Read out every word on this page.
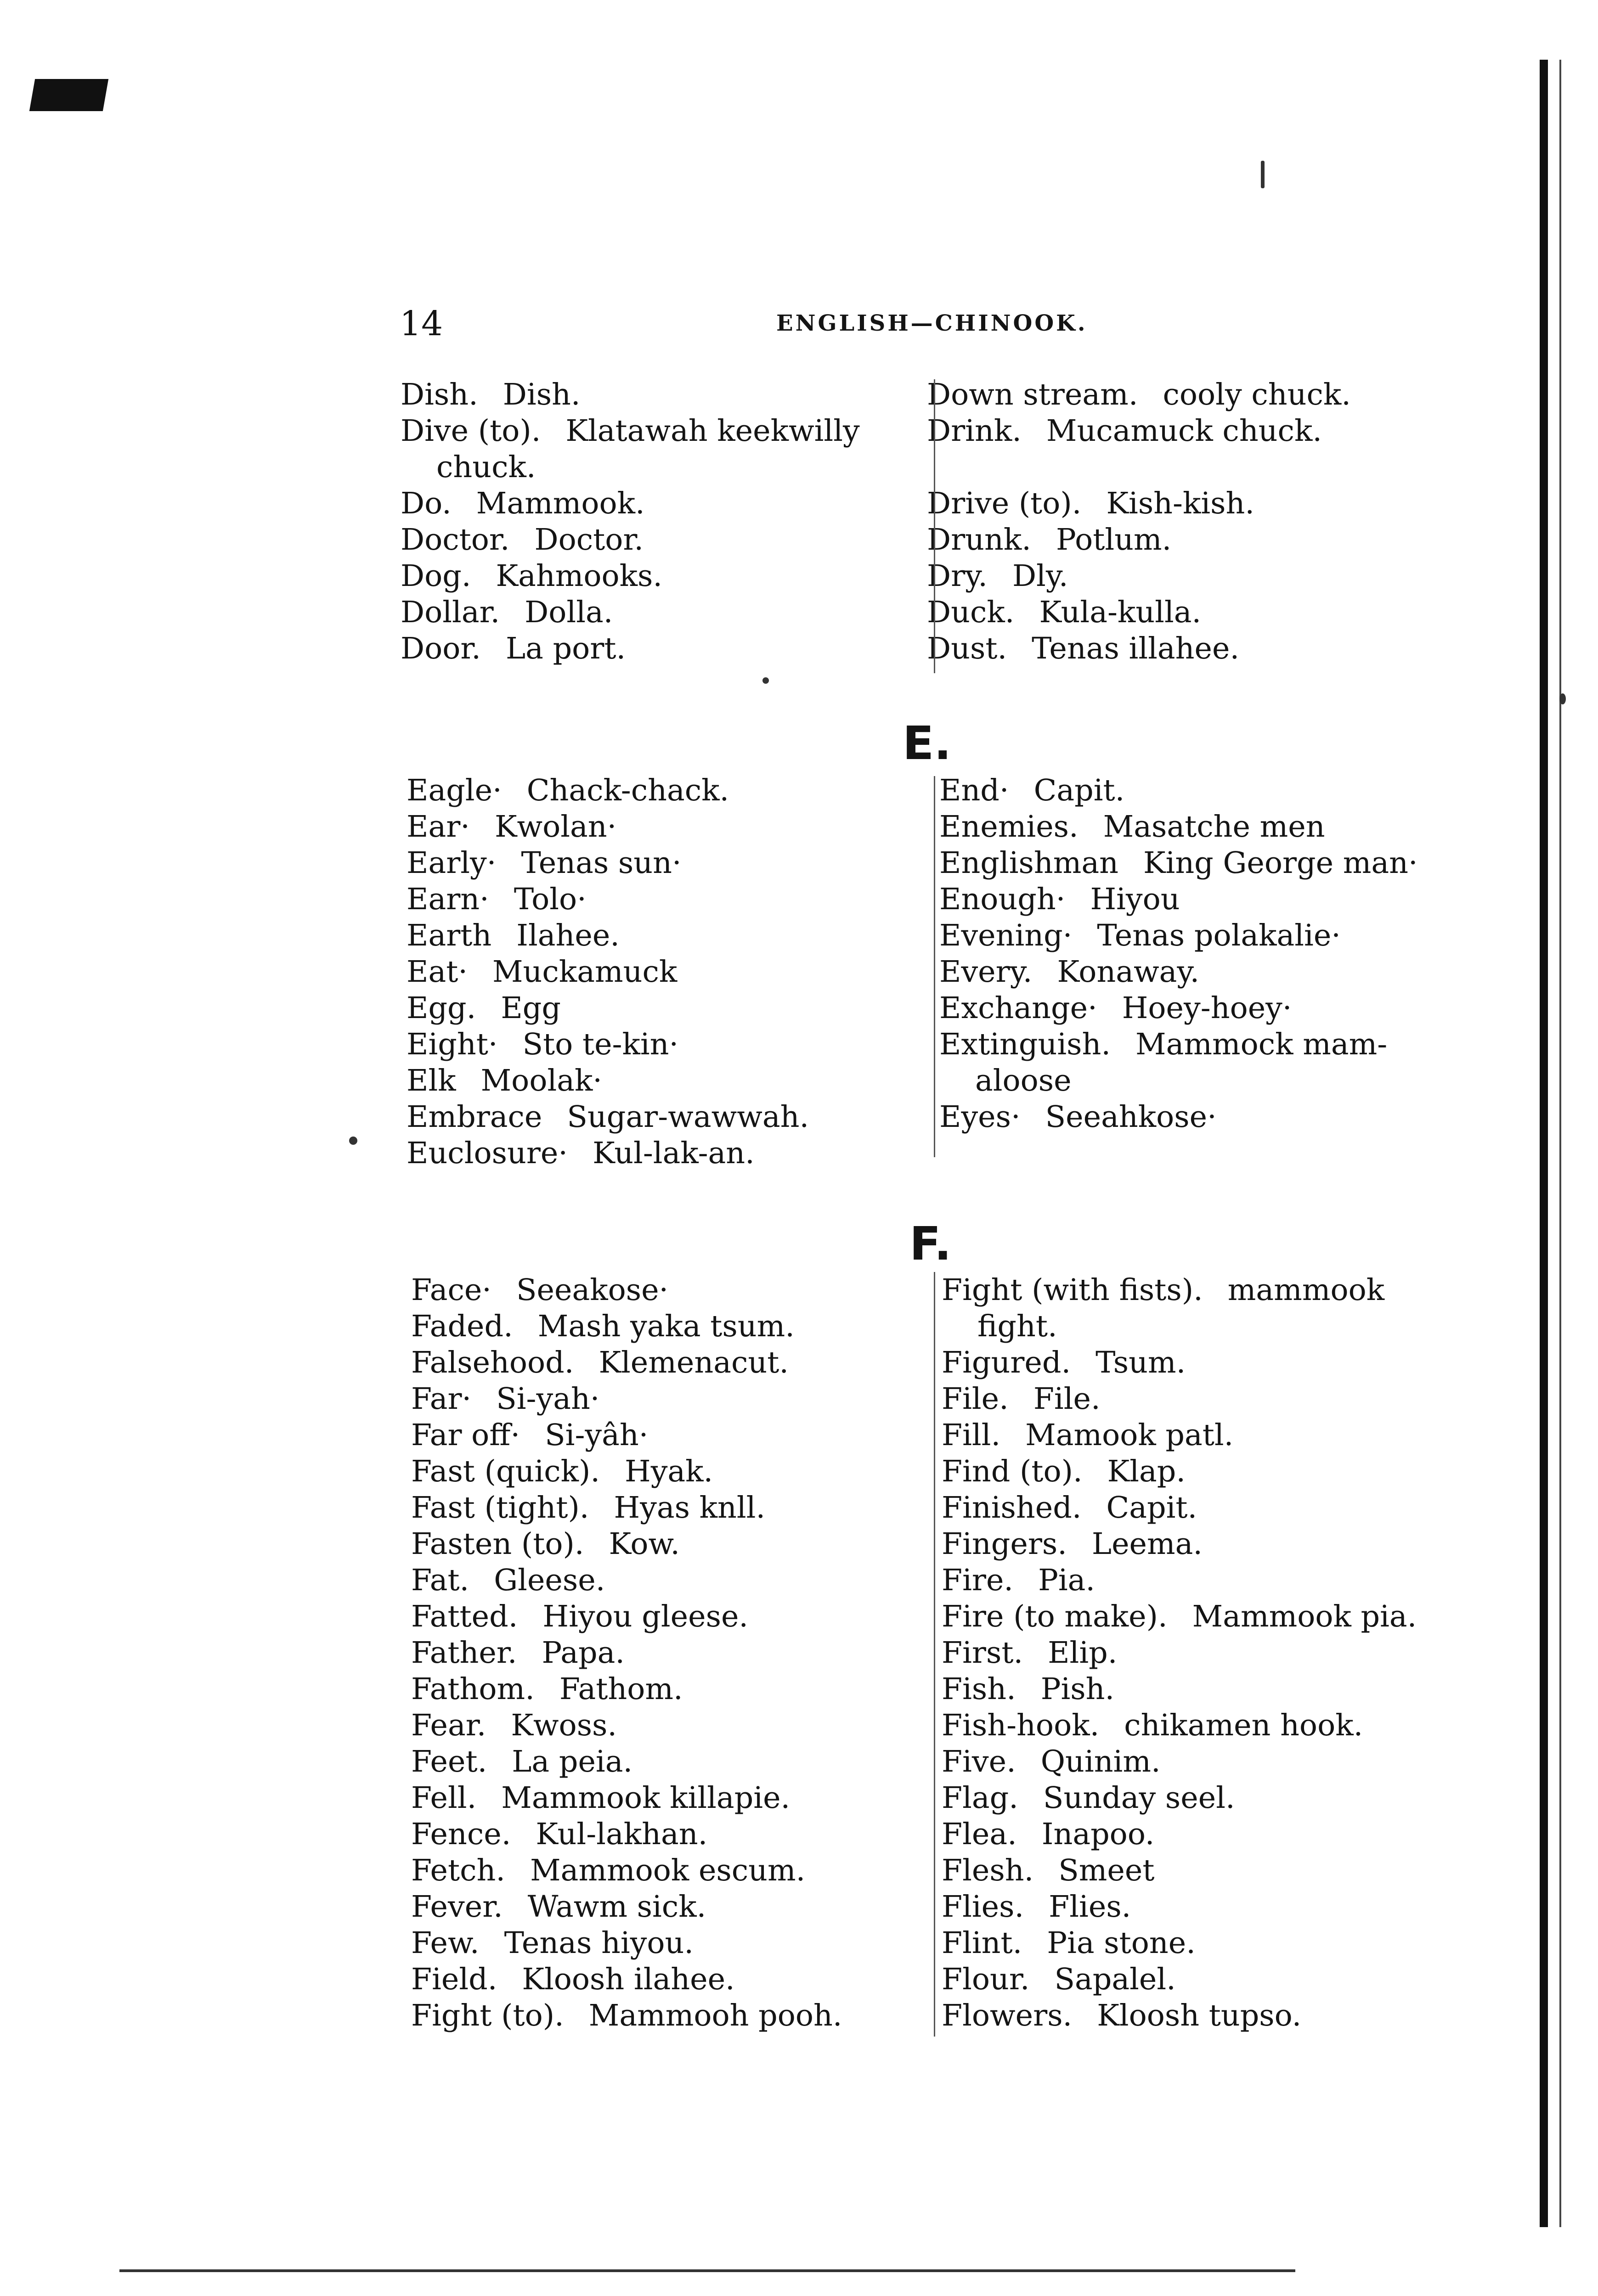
14	ENGLISH—CHINOOK.
Dish. Dish.
Dive (to). Klatawah keekwilly
chuck.
Do. Mammook.
Doctor. Doctor.
Dog. Kahmooks.
Dollar. Dolla.
Door. La port.
Down stream. cooly chuck.
Drink. Mucamuck chuck.

Drive (to). Kish-kish.
Drunk. Potlum.
Dry. Dly.
Duck. Kula-kulla.
Dust. Tenas illahee.
E.
Eagle· Chack-chack.
Ear· Kwolan·
Early· Tenas sun·
Earn· Tolo·
Earth Ilahee.
Eat· Muckamuck
Egg. Egg
Eight· Sto te-kin·
Elk Moolak·
Embrace Sugar-wawwah.
Euclosure· Kul-lak-an.
End· Capit.
Enemies. Masatche men
Englishman King George man·
Enough· Hiyou
Evening· Tenas polakalie·
Every. Konaway.
Exchange· Hoey-hoey·
Extinguish. Mammock mam-
aloose
Eyes· Seeahkose·
F.
Face· Seeakose·
Faded. Mash yaka tsum.
Falsehood. Klemenacut.
Far· Si-yah·
Far off· Si-yâh·
Fast (quick). Hyak.
Fast (tight). Hyas knll.
Fasten (to). Kow.
Fat. Gleese.
Fatted. Hiyou gleese.
Father. Papa.
Fathom. Fathom.
Fear. Kwoss.
Feet. La peia.
Fell. Mammook killapie.
Fence. Kul-lakhan.
Fetch. Mammook escum.
Fever. Wawm sick.
Few. Tenas hiyou.
Field. Kloosh ilahee.
Fight (to). Mammooh pooh.
Fight (with fists). mammook
fight.
Figured. Tsum.
File. File.
Fill. Mamook patl.
Find (to). Klap.
Finished. Capit.
Fingers. Leema.
Fire. Pia.
Fire (to make). Mammook pia.
First. Elip.
Fish. Pish.
Fish-hook. chikamen hook.
Five. Quinim.
Flag. Sunday seel.
Flea. Inapoo.
Flesh. Smeet
Flies. Flies.
Flint. Pia stone.
Flour. Sapalel.
Flowers. Kloosh tupso.
